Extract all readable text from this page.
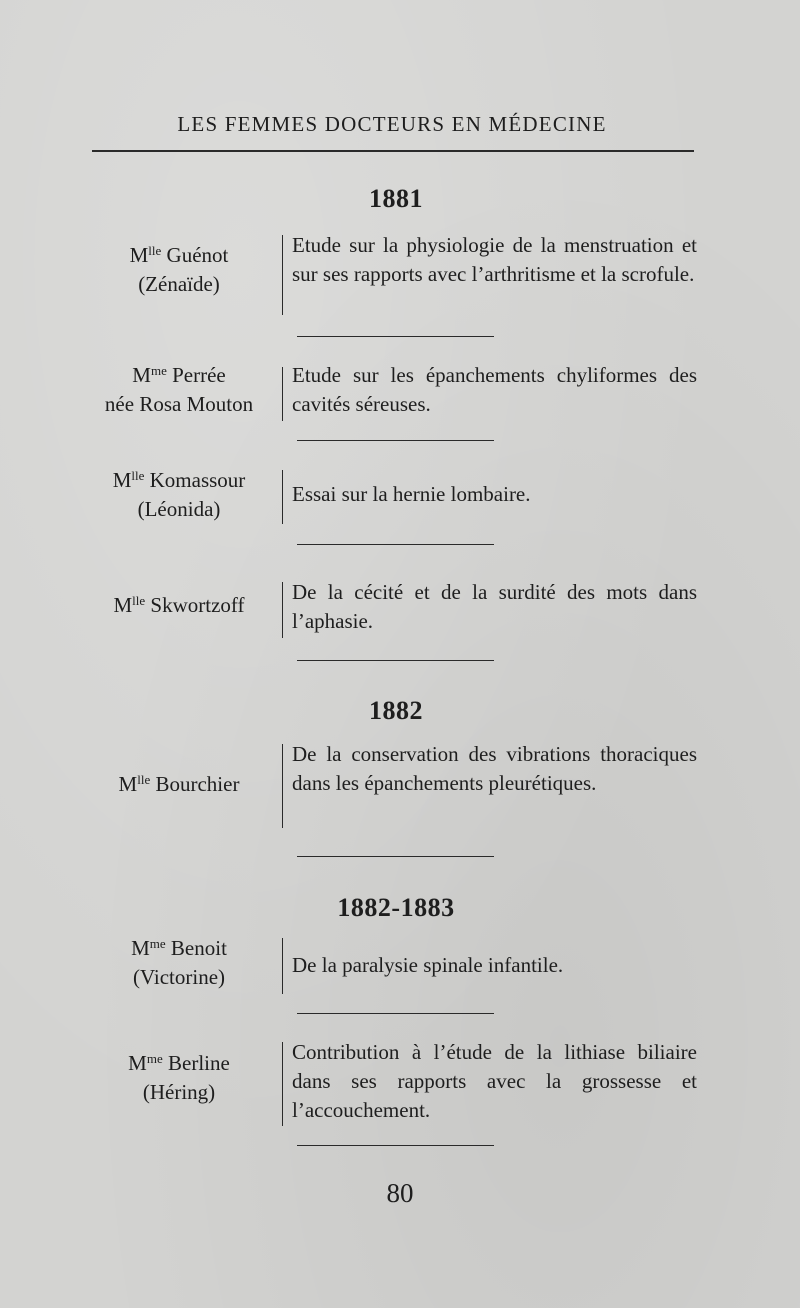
LES FEMMES DOCTEURS EN MÉDECINE
1881
$M^{lle}$ Guénot
(Zénaïde)
Etude sur la physiologie de la menstruation et sur ses rapports avec l’arthritisme et la scrofule.
$M^{me}$ Perrée
née Rosa Mouton
Etude sur les épanchements chyliformes des cavités séreuses.
$M^{lle}$ Komassour
(Léonida)
Essai sur la hernie lombaire.
$M^{lle}$ Skwortzoff
De la cécité et de la surdité des mots dans l’aphasie.
1882
$M^{lle}$ Bourchier
De la conservation des vibrations thoraciques dans les épanchements pleurétiques.
1882-1883
$M^{me}$ Benoit
(Victorine)	De la paralysie spinale infantile.
$M^{me}$ Berline
(Héring)
Contribution à l’étude de la lithiase biliaire dans ses rapports avec la grossesse et l’accouchement.
80
